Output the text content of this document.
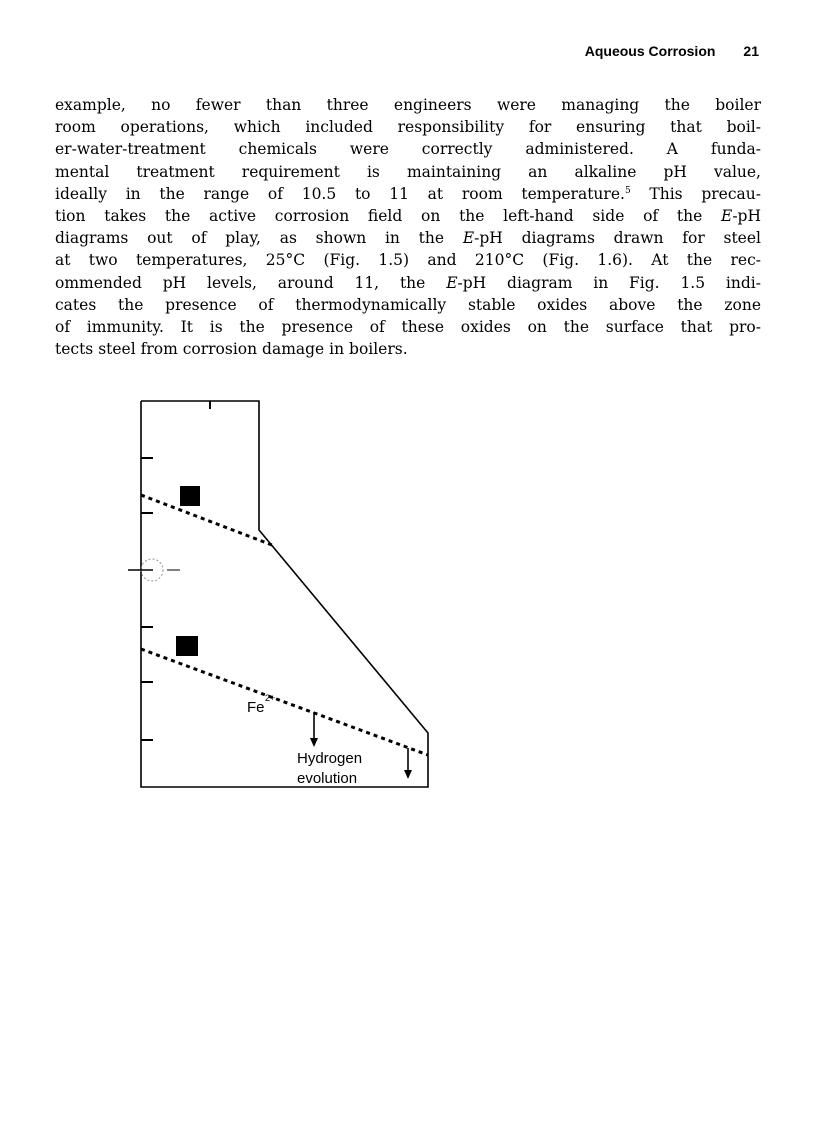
Aqueous Corrosion 21
example, no fewer than three engineers were managing the boiler
room operations, which included responsibility for ensuring that boil-
er-water-treatment chemicals were correctly administered. A funda-
mental treatment requirement is maintaining an alkaline pH value,
ideally in the range of 10.5 to 11 at room temperature.$^5$ This precau-
tion takes the active corrosion field on the left-hand side of the E-pH
diagrams out of play, as shown in the E-pH diagrams drawn for steel
at two temperatures, 25°C (Fig. 1.5) and 210°C (Fig. 1.6). At the rec-
ommended pH levels, around 11, the E-pH diagram in Fig. 1.5 indi-
cates the presence of thermodynamically stable oxides above the zone
of immunity. It is the presence of these oxides on the surface that pro-
tects steel from corrosion damage in boilers.
Fe
2+
Hydrogen
evolution
